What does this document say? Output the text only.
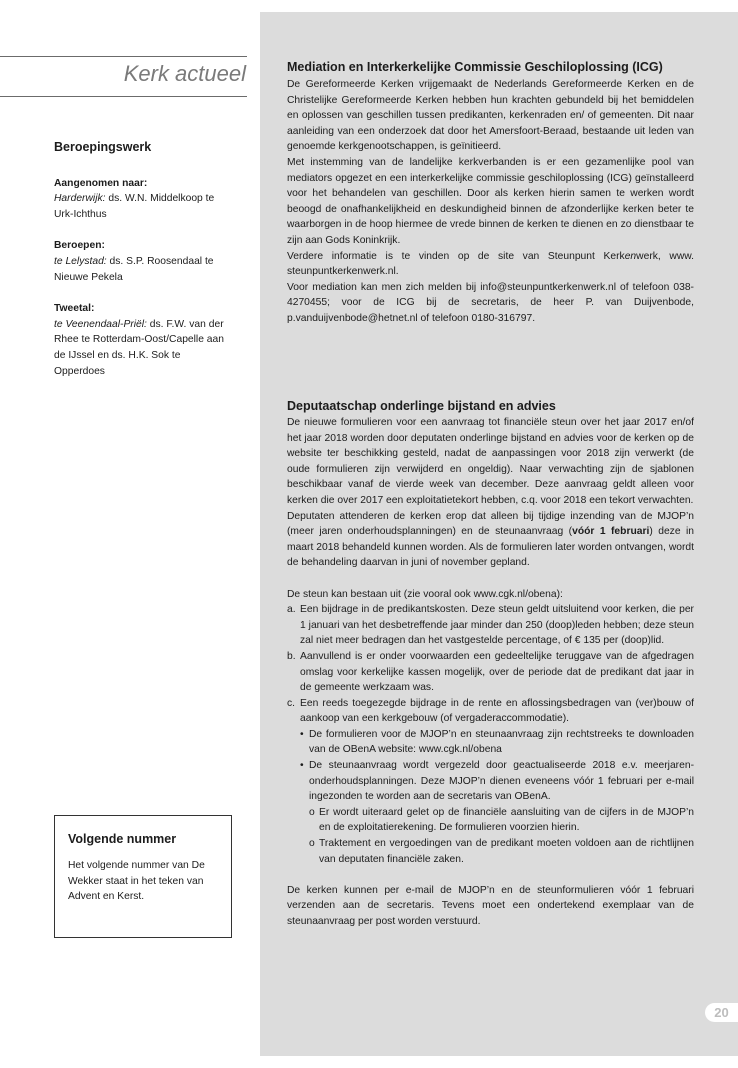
Kerk actueel
Beroepingswerk
Aangenomen naar:

Harderwijk: ds. W.N. Middelkoop te Urk-Ichthus

Beroepen:

te Lelystad: ds. S.P. Roosendaal te Nieuwe Pekela

Tweetal:

te Veenendaal-Priël: ds. F.W. van der Rhee te Rotterdam-Oost/Capelle aan de IJssel en ds. H.K. Sok te Opperdoes

Volgende nummer

Het volgende nummer van De Wekker staat in het teken van Advent en Kerst.

Mediation en Interkerkelijke Commissie Geschiloplossing (ICG)

De Gereformeerde Kerken vrijgemaakt de Nederlands Gereformeerde Kerken en de Christelijke Gereformeerde Kerken hebben hun krachten gebundeld bij het bemiddelen en oplossen van geschillen tussen predikanten, kerkenraden en/ of gemeenten. Dit naar aanleiding van een onderzoek dat door het Amersfoort-Beraad, bestaande uit leden van genoemde kerkgenootschappen, is geïnitieerd.

Met instemming van de landelijke kerkverbanden is er een gezamenlijke pool van mediators opgezet en een interkerkelijke commissie geschiloplossing (ICG) geïnstalleerd voor het behandelen van geschillen. Door als kerken hierin samen te werken wordt beoogd de onafhankelijkheid en deskundigheid binnen de afzonderlijke kerken beter te waarborgen in de hoop hiermee de vrede binnen de kerken te dienen en zo dienstbaar te zijn aan Gods Koninkrijk.

Verdere informatie is te vinden op de site van Steunpunt Kerkenwerk, www. steunpuntkerkenwerk.nl.

Voor mediation kan men zich melden bij info@steunpuntkerkenwerk.nl of telefoon 038-4270455; voor de ICG bij de secretaris, de heer P. van Duijvenbode, p.vanduijvenbode@hetnet.nl of telefoon 0180-316797.

Deputaatschap onderlinge bijstand en advies

De nieuwe formulieren voor een aanvraag tot financiële steun over het jaar 2017 en/of het jaar 2018 worden door deputaten onderlinge bijstand en advies voor de kerken op de website ter beschikking gesteld, nadat de aanpassingen voor 2018 zijn verwerkt (de oude formulieren zijn verwijderd en ongeldig). Naar verwachting zijn de sjablonen beschikbaar vanaf de vierde week van december. Deze aanvraag geldt alleen voor kerken die over 2017 een exploitatietekort hebben, c.q. voor 2018 een tekort verwachten.

Deputaten attenderen de kerken erop dat alleen bij tijdige inzending van de MJOP’n (meer jaren onderhoudsplanningen) en de steunaanvraag (vóór 1 februari) deze in maart 2018 behandeld kunnen worden. Als de formulieren later worden ontvangen, wordt de behandeling daarvan in juni of november gepland.

De steun kan bestaan uit (zie vooral ook www.cgk.nl/obena):

a. Een bijdrage in de predikantskosten. Deze steun geldt uitsluitend voor kerken, die per 1 januari van het desbetreffende jaar minder dan 250 (doop)leden hebben; deze steun zal niet meer bedragen dan het vastgestelde percentage, of € 135 per (doop)lid.
b. Aanvullend is er onder voorwaarden een gedeeltelijke teruggave van de afgedragen omslag voor kerkelijke kassen mogelijk, over de periode dat de predikant dat jaar in de gemeente werkzaam was.
c. Een reeds toegezegde bijdrage in de rente en aflossingsbedragen van (ver)bouw of aankoop van een kerkgebouw (of vergaderaccommodatie).
• De formulieren voor de MJOP’n en steunaanvraag zijn rechtstreeks te downloaden van de OBenA website: www.cgk.nl/obena
• De steunaanvraag wordt vergezeld door geactualiseerde 2018 e.v. meerjaren-onderhoudsplanningen. Deze MJOP’n dienen eveneens vóór 1 februari per e-mail ingezonden te worden aan de secretaris van OBenA.
o Er wordt uiteraard gelet op de financiële aansluiting van de cijfers in de MJOP’n en de exploitatierekening. De formulieren voorzien hierin.
o Traktement en vergoedingen van de predikant moeten voldoen aan de richtlijnen van deputaten financiële zaken.

De kerken kunnen per e-mail de MJOP’n en de steunformulieren vóór 1 februari verzenden aan de secretaris. Tevens moet een ondertekend exemplaar van de steunaanvraag per post worden verstuurd.

20
